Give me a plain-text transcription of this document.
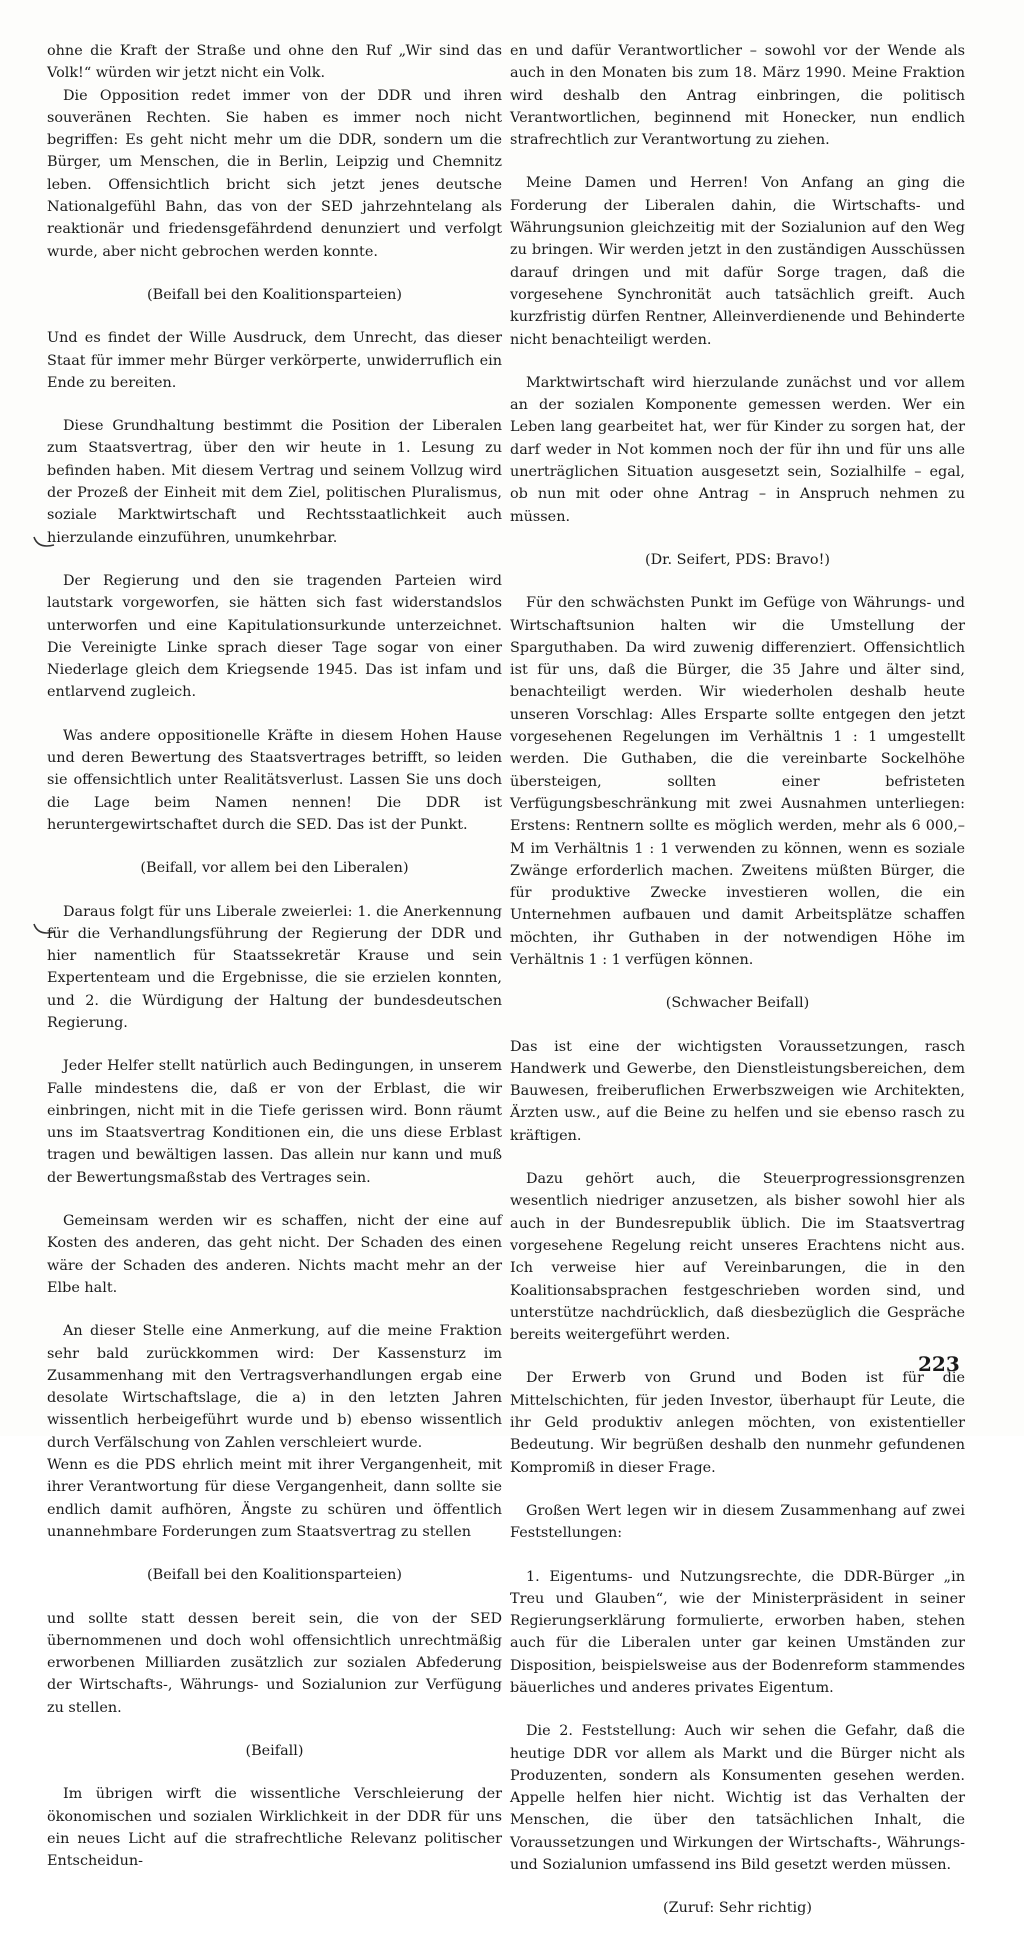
ohne die Kraft der Straße und ohne den Ruf „Wir sind das Volk!“ würden wir jetzt nicht ein Volk.

Die Opposition redet immer von der DDR und ihren souveränen Rechten. Sie haben es immer noch nicht begriffen: Es geht nicht mehr um die DDR, sondern um die Bürger, um Menschen, die in Berlin, Leipzig und Chemnitz leben. Offensichtlich bricht sich jetzt jenes deutsche Nationalgefühl Bahn, das von der SED jahrzehntelang als reaktionär und friedensgefährdend denunziert und verfolgt wurde, aber nicht gebrochen werden konnte.

(Beifall bei den Koalitionsparteien)

Und es findet der Wille Ausdruck, dem Unrecht, das dieser Staat für immer mehr Bürger verkörperte, unwiderruflich ein Ende zu bereiten.

Diese Grundhaltung bestimmt die Position der Liberalen zum Staatsvertrag, über den wir heute in 1. Lesung zu befinden haben. Mit diesem Vertrag und seinem Vollzug wird der Prozeß der Einheit mit dem Ziel, politischen Pluralismus, soziale Marktwirtschaft und Rechtsstaatlichkeit auch hierzulande einzuführen, unumkehrbar.

Der Regierung und den sie tragenden Parteien wird lautstark vorgeworfen, sie hätten sich fast widerstandslos unterworfen und eine Kapitulationsurkunde unterzeichnet. Die Vereinigte Linke sprach dieser Tage sogar von einer Niederlage gleich dem Kriegsende 1945. Das ist infam und entlarvend zugleich.

Was andere oppositionelle Kräfte in diesem Hohen Hause und deren Bewertung des Staatsvertrages betrifft, so leiden sie offensichtlich unter Realitätsverlust. Lassen Sie uns doch die Lage beim Namen nennen! Die DDR ist heruntergewirtschaftet durch die SED. Das ist der Punkt.

(Beifall, vor allem bei den Liberalen)

Daraus folgt für uns Liberale zweierlei: 1. die Anerkennung für die Verhandlungsführung der Regierung der DDR und hier namentlich für Staatssekretär Krause und sein Expertenteam und die Ergebnisse, die sie erzielen konnten, und 2. die Würdigung der Haltung der bundesdeutschen Regierung.

Jeder Helfer stellt natürlich auch Bedingungen, in unserem Falle mindestens die, daß er von der Erblast, die wir einbringen, nicht mit in die Tiefe gerissen wird. Bonn räumt uns im Staatsvertrag Konditionen ein, die uns diese Erblast tragen und bewältigen lassen. Das allein nur kann und muß der Bewertungsmaßstab des Vertrages sein.

Gemeinsam werden wir es schaffen, nicht der eine auf Kosten des anderen, das geht nicht. Der Schaden des einen wäre der Schaden des anderen. Nichts macht mehr an der Elbe halt.

An dieser Stelle eine Anmerkung, auf die meine Fraktion sehr bald zurückkommen wird: Der Kassensturz im Zusammenhang mit den Vertragsverhandlungen ergab eine desolate Wirtschaftslage, die a) in den letzten Jahren wissentlich herbeigeführt wurde und b) ebenso wissentlich durch Verfälschung von Zahlen verschleiert wurde.

Wenn es die PDS ehrlich meint mit ihrer Vergangenheit, mit ihrer Verantwortung für diese Vergangenheit, dann sollte sie endlich damit aufhören, Ängste zu schüren und öffentlich unannehmbare Forderungen zum Staatsvertrag zu stellen

(Beifall bei den Koalitionsparteien)

und sollte statt dessen bereit sein, die von der SED übernommenen und doch wohl offensichtlich unrechtmäßig erworbenen Milliarden zusätzlich zur sozialen Abfederung der Wirtschafts-, Währungs- und Sozialunion zur Verfügung zu stellen.

(Beifall)

Im übrigen wirft die wissentliche Verschleierung der ökonomischen und sozialen Wirklichkeit in der DDR für uns ein neues Licht auf die strafrechtliche Relevanz politischer Entscheidun-

en und dafür Verantwortlicher – sowohl vor der Wende als auch in den Monaten bis zum 18. März 1990. Meine Fraktion wird deshalb den Antrag einbringen, die politisch Verantwortlichen, beginnend mit Honecker, nun endlich strafrechtlich zur Verantwortung zu ziehen.

Meine Damen und Herren! Von Anfang an ging die Forderung der Liberalen dahin, die Wirtschafts- und Währungsunion gleichzeitig mit der Sozialunion auf den Weg zu bringen. Wir werden jetzt in den zuständigen Ausschüssen darauf dringen und mit dafür Sorge tragen, daß die vorgesehene Synchronität auch tatsächlich greift. Auch kurzfristig dürfen Rentner, Alleinverdienende und Behinderte nicht benachteiligt werden.

Marktwirtschaft wird hierzulande zunächst und vor allem an der sozialen Komponente gemessen werden. Wer ein Leben lang gearbeitet hat, wer für Kinder zu sorgen hat, der darf weder in Not kommen noch der für ihn und für uns alle unerträglichen Situation ausgesetzt sein, Sozialhilfe – egal, ob nun mit oder ohne Antrag – in Anspruch nehmen zu müssen.

(Dr. Seifert, PDS: Bravo!)

Für den schwächsten Punkt im Gefüge von Währungs- und Wirtschaftsunion halten wir die Umstellung der Sparguthaben. Da wird zuwenig differenziert. Offensichtlich ist für uns, daß die Bürger, die 35 Jahre und älter sind, benachteiligt werden. Wir wiederholen deshalb heute unseren Vorschlag: Alles Ersparte sollte entgegen den jetzt vorgesehenen Regelungen im Verhältnis 1 : 1 umgestellt werden. Die Guthaben, die die vereinbarte Sockelhöhe übersteigen, sollten einer befristeten Verfügungsbeschränkung mit zwei Ausnahmen unterliegen: Erstens: Rentnern sollte es möglich werden, mehr als 6 000,– M im Verhältnis 1 : 1 verwenden zu können, wenn es soziale Zwänge erforderlich machen. Zweitens müßten Bürger, die für produktive Zwecke investieren wollen, die ein Unternehmen aufbauen und damit Arbeitsplätze schaffen möchten, ihr Guthaben in der notwendigen Höhe im Verhältnis 1 : 1 verfügen können.

(Schwacher Beifall)

Das ist eine der wichtigsten Voraussetzungen, rasch Handwerk und Gewerbe, den Dienstleistungsbereichen, dem Bauwesen, freiberuflichen Erwerbszweigen wie Architekten, Ärzten usw., auf die Beine zu helfen und sie ebenso rasch zu kräftigen.

Dazu gehört auch, die Steuerprogressionsgrenzen wesentlich niedriger anzusetzen, als bisher sowohl hier als auch in der Bundesrepublik üblich. Die im Staatsvertrag vorgesehene Regelung reicht unseres Erachtens nicht aus. Ich verweise hier auf Vereinbarungen, die in den Koalitionsabsprachen festgeschrieben worden sind, und unterstütze nachdrücklich, daß diesbezüglich die Gespräche bereits weitergeführt werden.

Der Erwerb von Grund und Boden ist für die Mittelschichten, für jeden Investor, überhaupt für Leute, die ihr Geld produktiv anlegen möchten, von existentieller Bedeutung. Wir begrüßen deshalb den nunmehr gefundenen Kompromiß in dieser Frage.

Großen Wert legen wir in diesem Zusammenhang auf zwei Feststellungen:

1. Eigentums- und Nutzungsrechte, die DDR-Bürger „in Treu und Glauben“, wie der Ministerpräsident in seiner Regierungserklärung formulierte, erworben haben, stehen auch für die Liberalen unter gar keinen Umständen zur Disposition, beispielsweise aus der Bodenreform stammendes bäuerliches und anderes privates Eigentum.

Die 2. Feststellung: Auch wir sehen die Gefahr, daß die heutige DDR vor allem als Markt und die Bürger nicht als Produzenten, sondern als Konsumenten gesehen werden. Appelle helfen hier nicht. Wichtig ist das Verhalten der Menschen, die über den tatsächlichen Inhalt, die Voraussetzungen und Wirkungen der Wirtschafts-, Währungs- und Sozialunion umfassend ins Bild gesetzt werden müssen.

(Zuruf: Sehr richtig)

223
